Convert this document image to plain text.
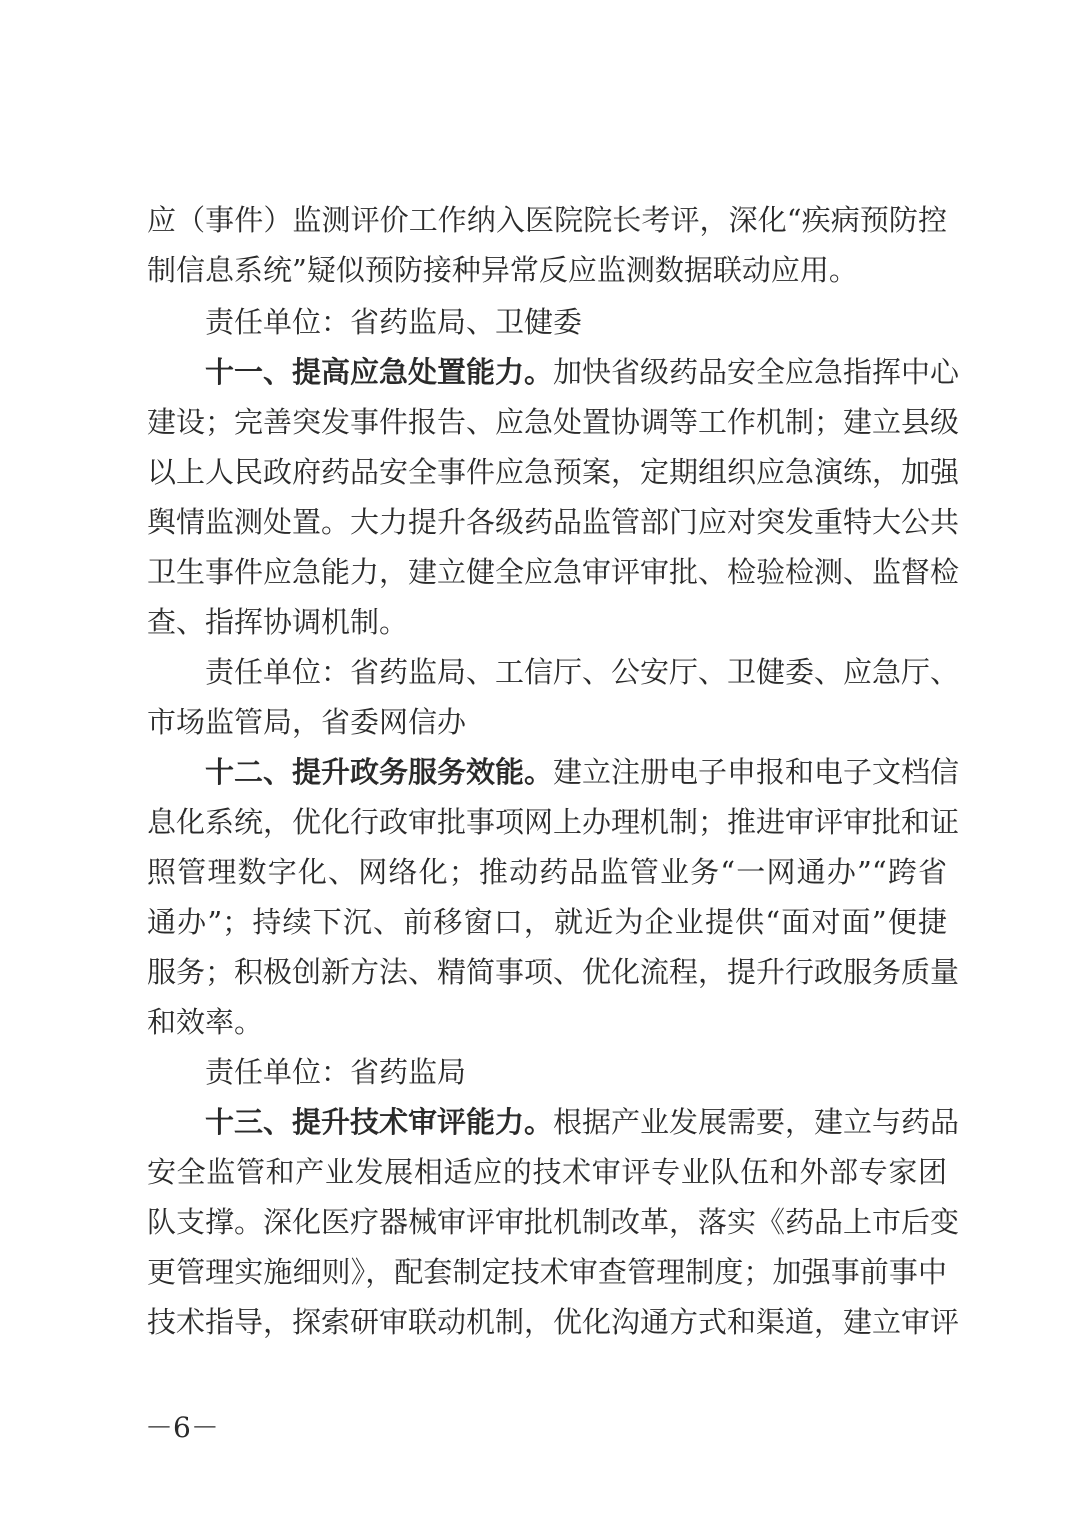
应（事件）监测评价工作纳入医院院长考评，深化“疾病预防控
制信息系统”疑似预防接种异常反应监测数据联动应用。
责任单位：省药监局、卫健委
十一、提高应急处置能力。加快省级药品安全应急指挥中心
建设；完善突发事件报告、应急处置协调等工作机制；建立县级
以上人民政府药品安全事件应急预案，定期组织应急演练，加强
舆情监测处置。大力提升各级药品监管部门应对突发重特大公共
卫生事件应急能力，建立健全应急审评审批、检验检测、监督检
查、指挥协调机制。
责任单位：省药监局、工信厅、公安厅、卫健委、应急厅、
市场监管局，省委网信办
十二、提升政务服务效能。建立注册电子申报和电子文档信
息化系统，优化行政审批事项网上办理机制；推进审评审批和证
照管理数字化、网络化；推动药品监管业务“一网通办”“跨省
通办”；持续下沉、前移窗口，就近为企业提供“面对面”便捷
服务；积极创新方法、精简事项、优化流程，提升行政服务质量
和效率。
责任单位：省药监局
十三、提升技术审评能力。根据产业发展需要，建立与药品
安全监管和产业发展相适应的技术审评专业队伍和外部专家团
队支撑。深化医疗器械审评审批机制改革，落实《药品上市后变
更管理实施细则》，配套制定技术审查管理制度；加强事前事中
技术指导，探索研审联动机制，优化沟通方式和渠道，建立审评
－6－
